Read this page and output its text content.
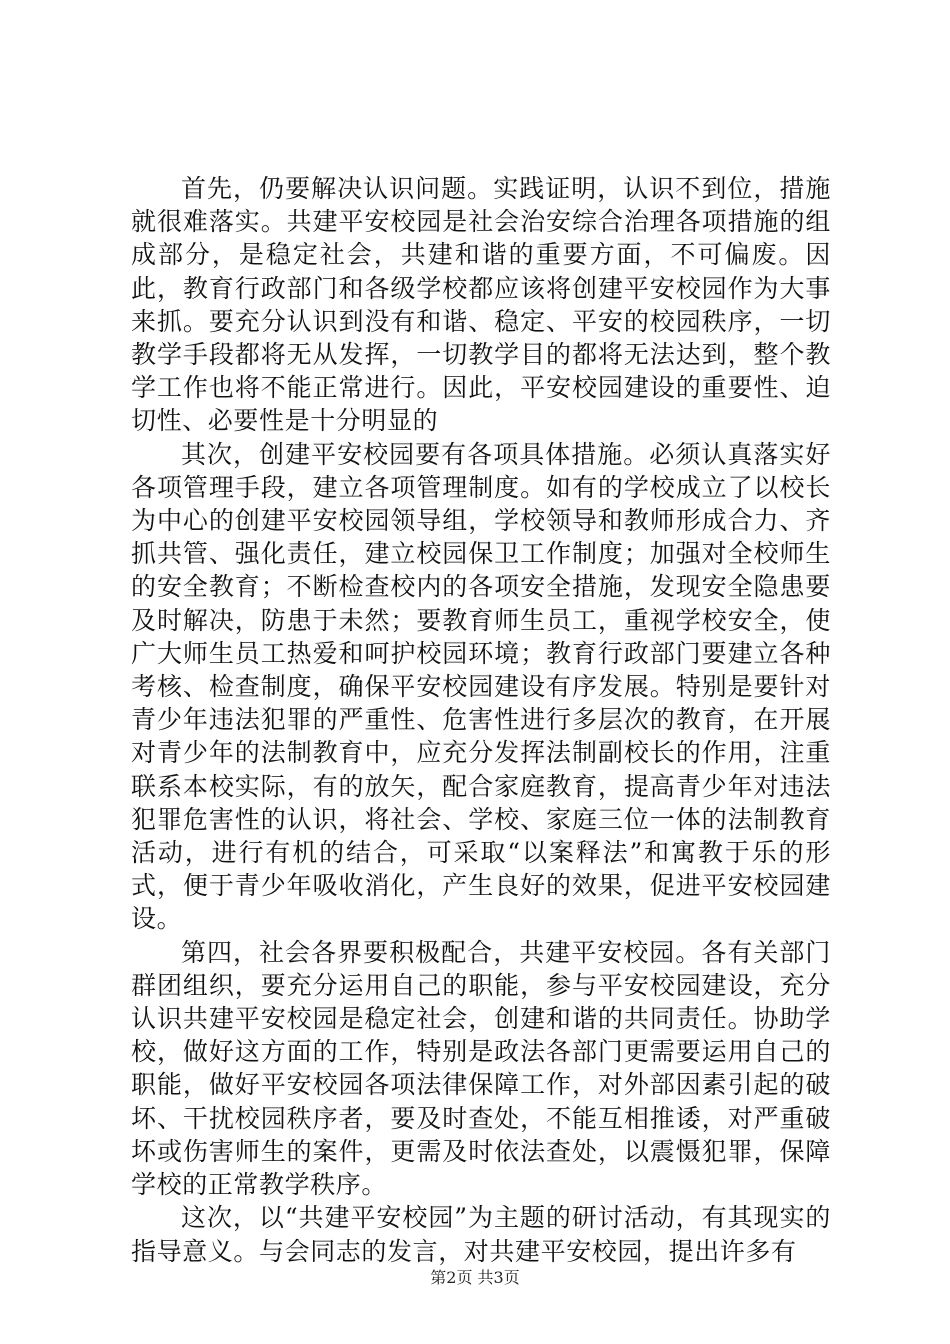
首先，仍要解决认识问题。实践证明，认识不到位，措施就很难落实。共建平安校园是社会治安综合治理各项措施的组成部分，是稳定社会，共建和谐的重要方面，不可偏废。因此，教育行政部门和各级学校都应该将创建平安校园作为大事来抓。要充分认识到没有和谐、稳定、平安的校园秩序，一切教学手段都将无从发挥，一切教学目的都将无法达到，整个教学工作也将不能正常进行。因此，平安校园建设的重要性、迫切性、必要性是十分明显的

其次，创建平安校园要有各项具体措施。必须认真落实好各项管理手段，建立各项管理制度。如有的学校成立了以校长为中心的创建平安校园领导组，学校领导和教师形成合力、齐抓共管、强化责任，建立校园保卫工作制度；加强对全校师生的安全教育；不断检查校内的各项安全措施，发现安全隐患要及时解决，防患于未然；要教育师生员工，重视学校安全，使广大师生员工热爱和呵护校园环境；教育行政部门要建立各种考核、检查制度，确保平安校园建设有序发展。特别是要针对青少年违法犯罪的严重性、危害性进行多层次的教育，在开展对青少年的法制教育中，应充分发挥法制副校长的作用，注重联系本校实际，有的放矢，配合家庭教育，提高青少年对违法犯罪危害性的认识，将社会、学校、家庭三位一体的法制教育活动，进行有机的结合，可采取“以案释法”和寓教于乐的形式，便于青少年吸收消化，产生良好的效果，促进平安校园建设。

第四，社会各界要积极配合，共建平安校园。各有关部门群团组织，要充分运用自己的职能，参与平安校园建设，充分认识共建平安校园是稳定社会，创建和谐的共同责任。协助学校，做好这方面的工作，特别是政法各部门更需要运用自己的职能，做好平安校园各项法律保障工作，对外部因素引起的破坏、干扰校园秩序者，要及时查处，不能互相推诿，对严重破坏或伤害师生的案件，更需及时依法查处，以震慑犯罪，保障学校的正常教学秩序。

这次，以“共建平安校园”为主题的研讨活动，有其现实的指导意义。与会同志的发言，对共建平安校园，提出许多有

第2页 共3页
